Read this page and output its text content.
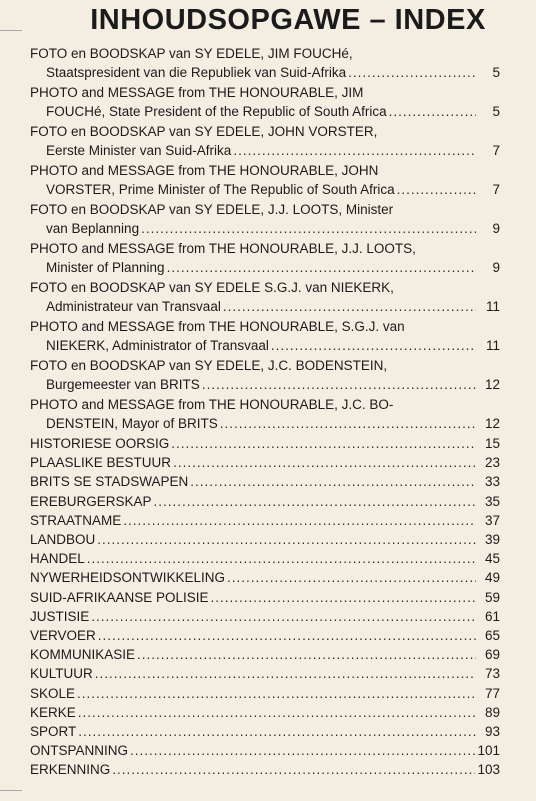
INHOUDSOPGAWE – INDEX
FOTO en BOODSKAP van SY EDELE, JIM FOUCHé,
Staatspresident van die Republiek van Suid-Afrika .....	5
PHOTO and MESSAGE from THE HONOURABLE, JIM
FOUCHé, State President of the Republic of South Africa .....	5
FOTO en BOODSKAP van SY EDELE, JOHN VORSTER,
Eerste Minister van Suid-Afrika .....	7
PHOTO and MESSAGE from THE HONOURABLE, JOHN
VORSTER, Prime Minister of The Republic of South Africa .....	7
FOTO en BOODSKAP van SY EDELE, J.J. LOOTS, Minister
van Beplanning .....	9
PHOTO and MESSAGE from THE HONOURABLE, J.J. LOOTS,
Minister of Planning .....	9
FOTO en BOODSKAP van SY EDELE S.G.J. van NIEKERK,
Administrateur van Transvaal .....	11
PHOTO and MESSAGE from THE HONOURABLE, S.G.J. van
NIEKERK, Administrator of Transvaal .....	11
FOTO en BOODSKAP van SY EDELE, J.C. BODENSTEIN,
Burgemeester van BRITS .....	12
PHOTO and MESSAGE from THE HONOURABLE, J.C. BO-
DENSTEIN, Mayor of BRITS .....	12
HISTORIESE OORSIG .....	15
PLAASLIKE BESTUUR .....	23
BRITS SE STADSWAPEN .....	33
EREBURGERSKAP .....	35
STRAATNAME .....	37
LANDBOU .....	39
HANDEL .....	45
NYWERHEIDSONTWIKKELING .....	49
SUID-AFRIKAANSE POLISIE .....	59
JUSTISIE .....	61
VERVOER .....	65
KOMMUNIKASIE .....	69
KULTUUR .....	73
SKOLE .....	77
KERKE .....	89
SPORT .....	93
ONTSPANNING .....	101
ERKENNING .....	103
